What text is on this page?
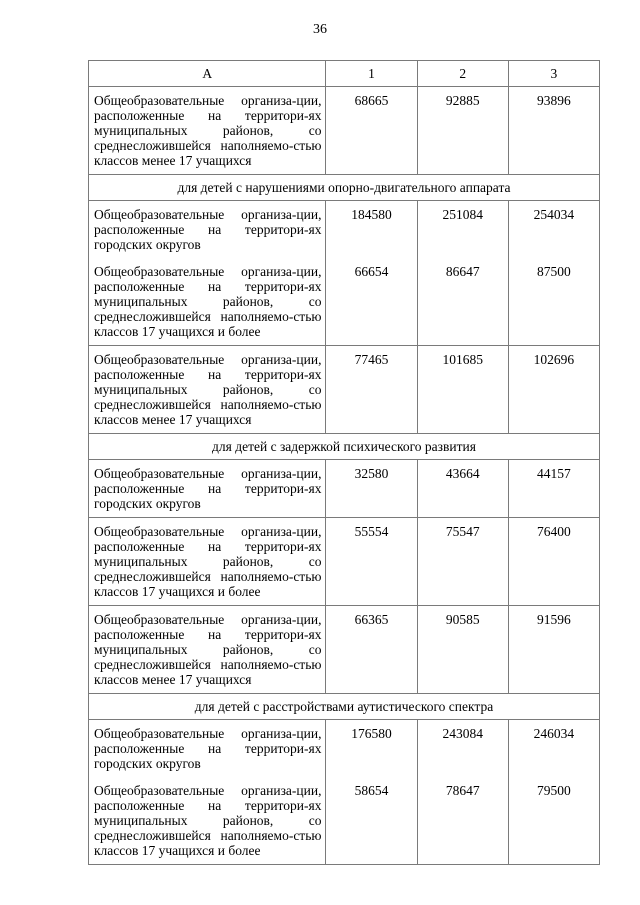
36
А	1	2	3
Общеобразовательные организа-ции, расположенные на территори-ях муниципальных районов, со среднесложившейся наполняемо-стью классов менее 17 учащихся	68665	92885	93896
для детей с нарушениями опорно-двигательного аппарата			
Общеобразовательные организа-ции, расположенные на территори-ях городских округов	184580	251084	254034
Общеобразовательные организа-ции, расположенные на территори-ях муниципальных районов, со среднесложившейся наполняемо-стью классов 17 учащихся и более	66654	86647	87500
Общеобразовательные организа-ции, расположенные на территори-ях муниципальных районов, со среднесложившейся наполняемо-стью классов менее 17 учащихся	77465	101685	102696
для детей с задержкой психического развития			
Общеобразовательные организа-ции, расположенные на территори-ях городских округов	32580	43664	44157
Общеобразовательные организа-ции, расположенные на территори-ях муниципальных районов, со среднесложившейся наполняемо-стью классов 17 учащихся и более	55554	75547	76400
Общеобразовательные организа-ции, расположенные на территори-ях муниципальных районов, со среднесложившейся наполняемо-стью классов менее 17 учащихся	66365	90585	91596
для детей с расстройствами аутистического спектра			
Общеобразовательные организа-ции, расположенные на территори-ях городских округов	176580	243084	246034
Общеобразовательные организа-ции, расположенные на территори-ях муниципальных районов, со среднесложившейся наполняемо-стью классов 17 учащихся и более	58654	78647	79500
